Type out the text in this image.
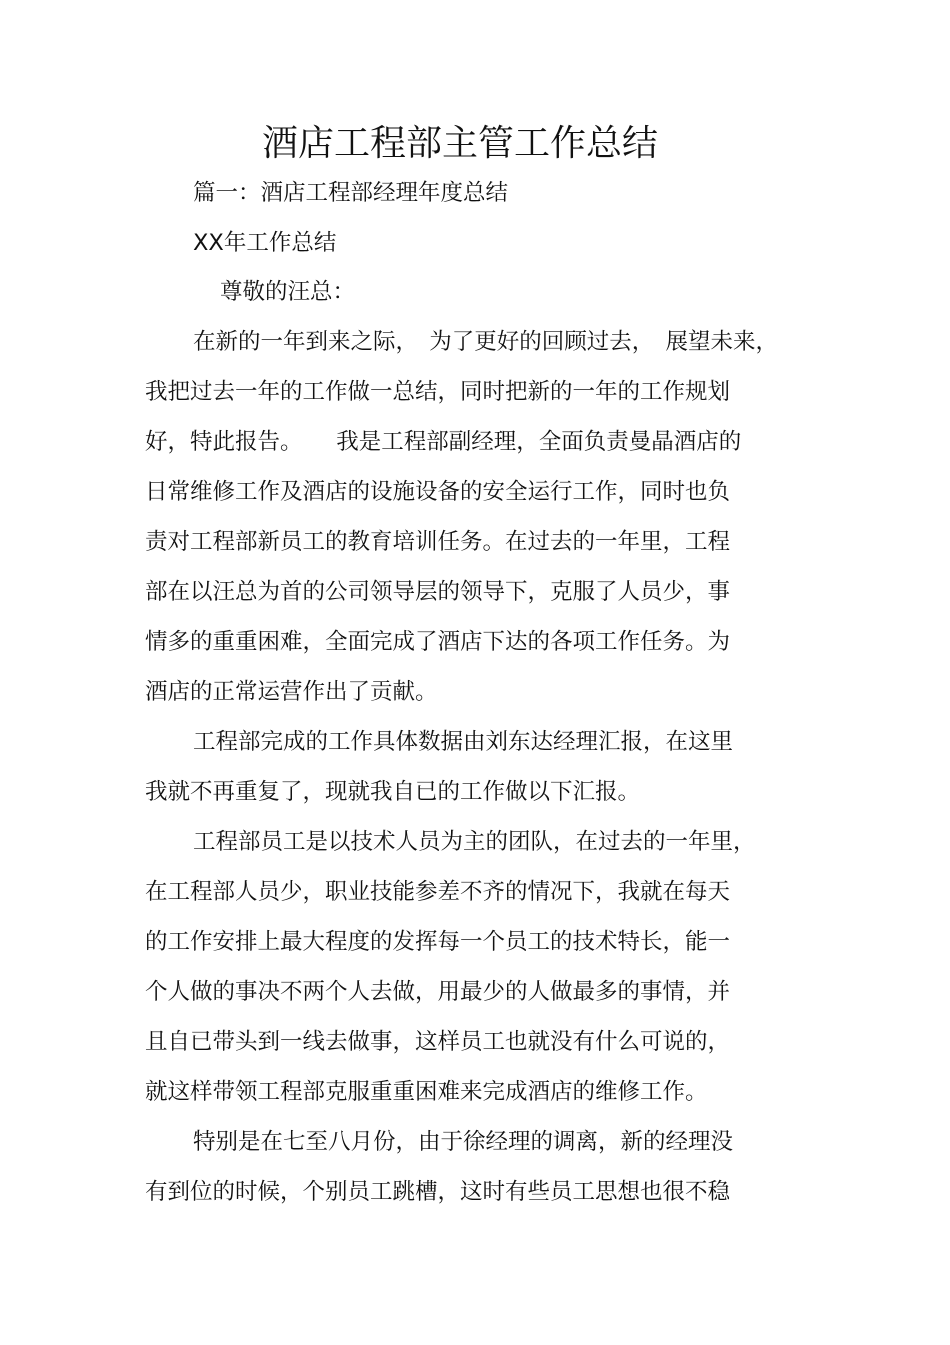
酒店工程部主管工作总结

篇一：酒店工程部经理年度总结

XX年工作总结

尊敬的汪总：

在新的一年到来之际，　为了更好的回顾过去，　展望未来，

我把过去一年的工作做一总结，同时把新的一年的工作规划

好，特此报告。　　我是工程部副经理，全面负责曼晶酒店的

日常维修工作及酒店的设施设备的安全运行工作，同时也负

责对工程部新员工的教育培训任务。在过去的一年里，工程

部在以汪总为首的公司领导层的领导下，克服了人员少，事

情多的重重困难，全面完成了酒店下达的各项工作任务。为

酒店的正常运营作出了贡献。

工程部完成的工作具体数据由刘东达经理汇报，在这里

我就不再重复了，现就我自已的工作做以下汇报。

工程部员工是以技术人员为主的团队，在过去的一年里，

在工程部人员少，职业技能参差不齐的情况下，我就在每天

的工作安排上最大程度的发挥每一个员工的技术特长，能一

个人做的事决不两个人去做，用最少的人做最多的事情，并

且自已带头到一线去做事，这样员工也就没有什么可说的，

就这样带领工程部克服重重困难来完成酒店的维修工作。

特别是在七至八月份，由于徐经理的调离，新的经理没

有到位的时候，个别员工跳槽，这时有些员工思想也很不稳
